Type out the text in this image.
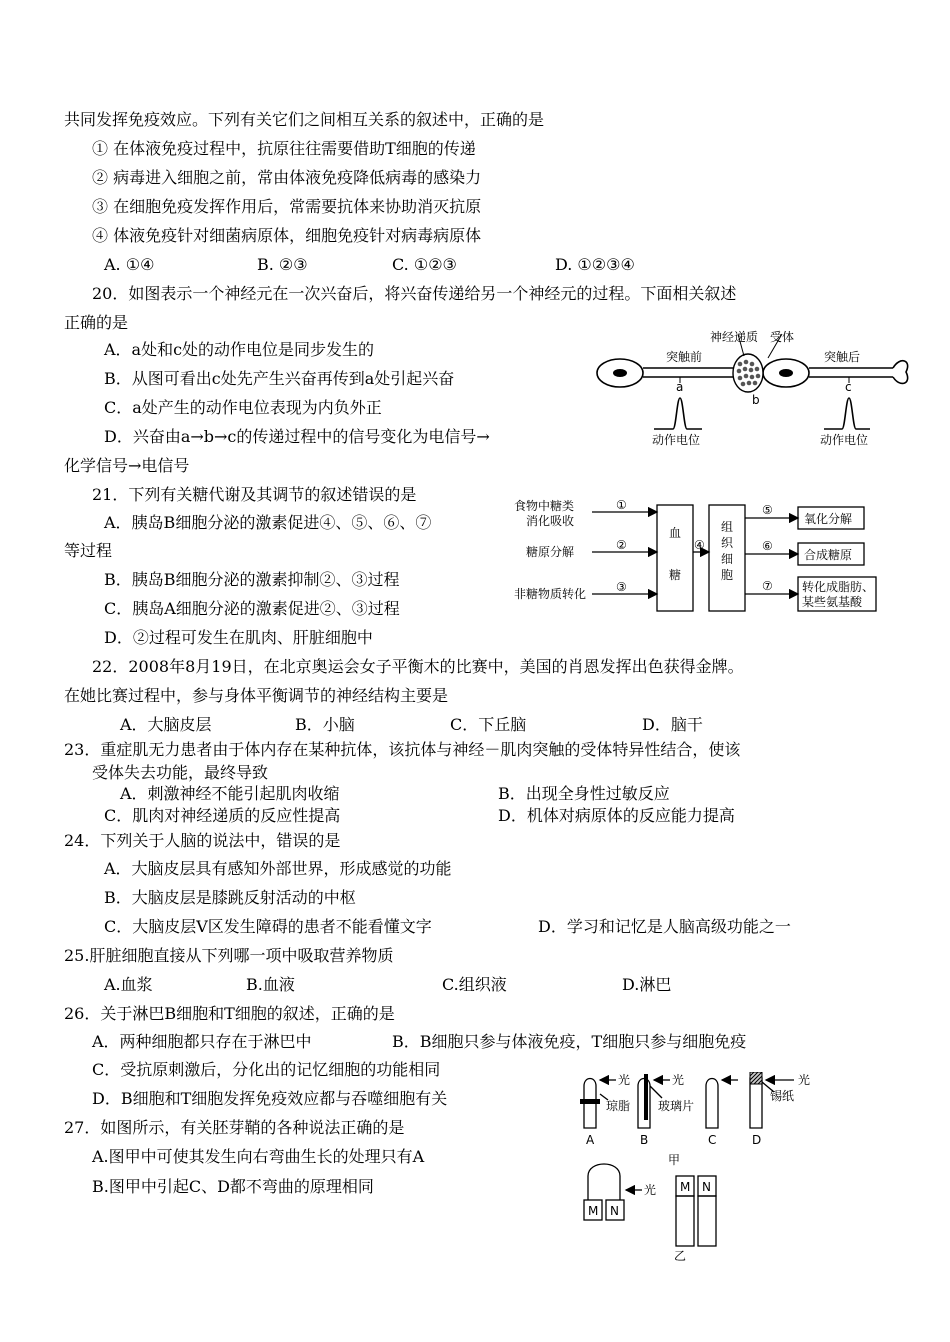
共同发挥免疫效应。下列有关它们之间相互关系的叙述中，正确的是
① 在体液免疫过程中，抗原往往需要借助T细胞的传递
② 病毒进入细胞之前，常由体液免疫降低病毒的感染力
③ 在细胞免疫发挥作用后，常需要抗体来协助消灭抗原
④ 体液免疫针对细菌病原体，细胞免疫针对病毒病原体
A. ①④	B. ②③	C. ①②③	D. ①②③④
20．如图表示一个神经元在一次兴奋后，将兴奋传递给另一个神经元的过程。下面相关叙述
正确的是
A．a处和c处的动作电位是同步发生的
B．从图可看出c处先产生兴奋再传到a处引起兴奋
C．a处产生的动作电位表现为内负外正
D．兴奋由a→b→c的传递过程中的信号变化为电信号→
化学信号→电信号
21．下列有关糖代谢及其调节的叙述错误的是
A．胰岛B细胞分泌的激素促进④、⑤、⑥、⑦
等过程
B．胰岛B细胞分泌的激素抑制②、③过程
C．胰岛A细胞分泌的激素促进②、③过程
D．②过程可发生在肌肉、肝脏细胞中
22．2008年8月19日，在北京奥运会女子平衡木的比赛中，美国的肖恩发挥出色获得金牌。
在她比赛过程中，参与身体平衡调节的神经结构主要是
A．大脑皮层	B．小脑	C．下丘脑	D．脑干
23．重症肌无力患者由于体内存在某种抗体，该抗体与神经－肌肉突触的受体特异性结合，使该
受体失去功能，最终导致
A．刺激神经不能引起肌肉收缩	B．出现全身性过敏反应
C．肌肉对神经递质的反应性提高	D．机体对病原体的反应能力提高
24．下列关于人脑的说法中，错误的是
A．大脑皮层具有感知外部世界，形成感觉的功能
B．大脑皮层是膝跳反射活动的中枢
C．大脑皮层V区发生障碍的患者不能看懂文字	D．学习和记忆是人脑高级功能之一
25.肝脏细胞直接从下列哪一项中吸取营养物质
A.血浆	B.血液	C.组织液	D.淋巴
26．关于淋巴B细胞和T细胞的叙述，正确的是
A．两种细胞都只存在于淋巴中	B．B细胞只参与体液免疫，T细胞只参与细胞免疫
C．受抗原刺激后，分化出的记忆细胞的功能相同
D．B细胞和T细胞发挥免疫效应都与吞噬细胞有关
27．如图所示，有关胚芽鞘的各种说法正确的是
A.图甲中可使其发生向右弯曲生长的处理只有A
B.图甲中引起C、D都不弯曲的原理相同
突触前	突触后
神经递质 受体
a
b
c
动作电位	动作电位
食物中糖类
消化吸收
糖原分解
非糖物质转化
①
②
③
④
⑤
⑥
⑦
血
糖
组
织
细
胞
氧化分解
合成糖原
转化成脂肪、
某些氨基酸
光	光	光
光
琼脂 玻璃片
锡纸
A	B	C	D
甲
乙
M N
M N
